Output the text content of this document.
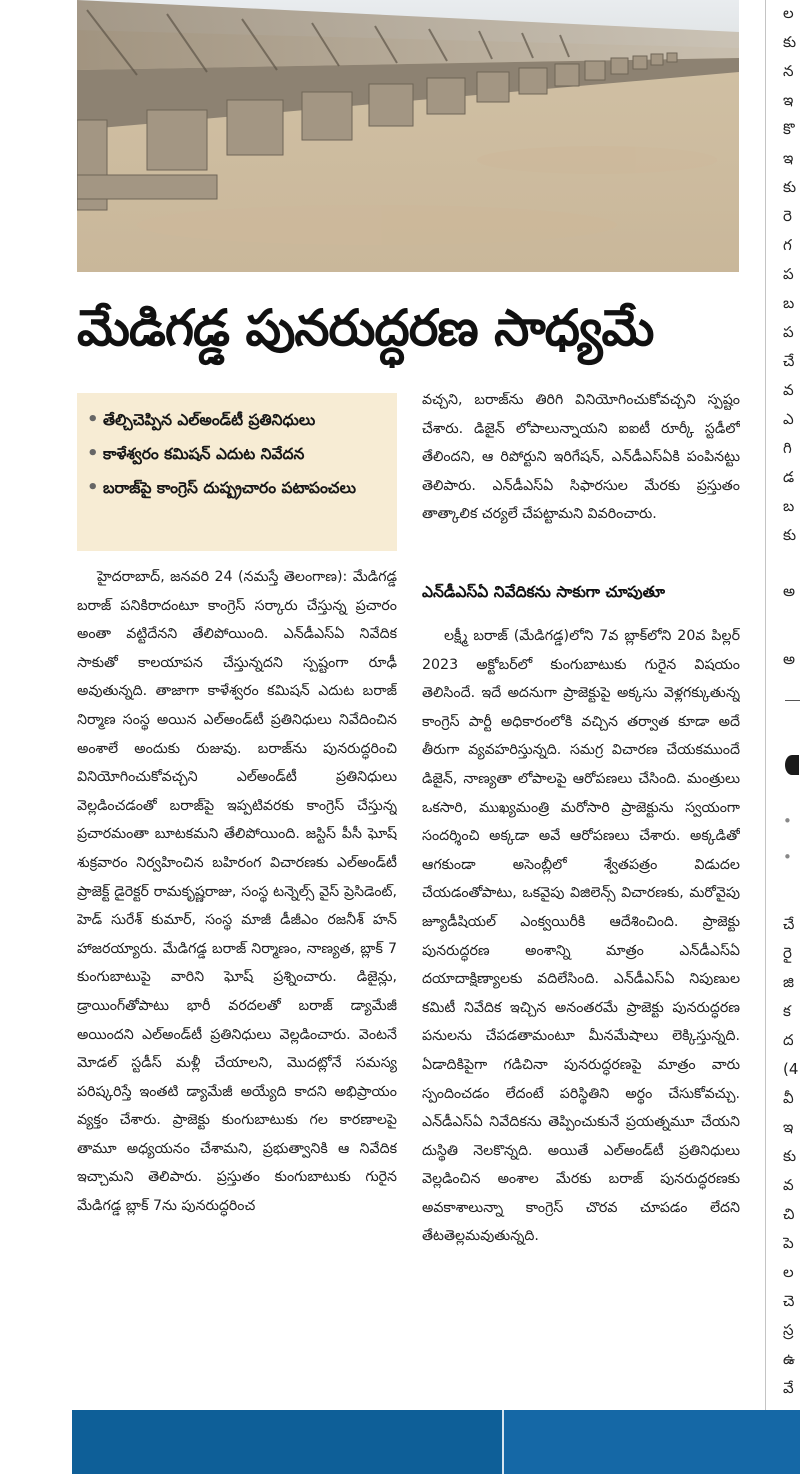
మేడిగడ్డ పునరుద్ధరణ సాధ్యమే
• తేల్చిచెప్పిన ఎల్‌అండ్‌టీ ప్రతినిధులు
• కాళేశ్వరం కమిషన్‌ ఎదుట నివేదన
• బరాజ్‌పై కాంగ్రెస్‌ దుష్ప్రచారం పటాపంచలు
హైదరాబాద్‌, జనవరి 24 (నమస్తే తెలంగాణ): మేడిగడ్డ బరాజ్‌ పనికిరాదంటూ కాంగ్రెస్‌ సర్కారు చేస్తున్న ప్రచారం అంతా వట్టిదేనని తేలిపోయింది. ఎన్‌డీఎస్‌ఏ నివేదిక సాకుతో కాలయాపన చేస్తున్నదని స్పష్టంగా రూఢీ అవుతున్నది. తాజాగా కాళేశ్వరం కమిషన్‌ ఎదుట బరాజ్‌ నిర్మాణ సంస్థ అయిన ఎల్‌అండ్‌టీ ప్రతినిధులు నివేదించిన అంశాలే అందుకు రుజువు. బరాజ్‌ను పునరుద్ధరించి వినియోగించుకోవచ్చని ఎల్‌అండ్‌టీ ప్రతినిధులు వెల్లడించడంతో బరాజ్‌పై ఇప్పటివరకు కాంగ్రెస్‌ చేస్తున్న ప్రచారమంతా బూటకమని తేలిపోయింది. జస్టిస్‌ పీసీ ఘోష్‌ శుక్రవారం నిర్వహించిన బహిరంగ విచారణకు ఎల్‌అండ్‌టీ ప్రాజెక్ట్‌ డైరెక్టర్‌ రామకృష్ణరాజు, సంస్థ టన్నెల్స్‌ వైస్‌ ప్రెసిడెంట్‌, హెడ్‌ సురేశ్‌ కుమార్‌, సంస్థ మాజీ డీజీఎం రజనీశ్‌ హన్‌ హాజరయ్యారు. మేడిగడ్డ బరాజ్‌ నిర్మాణం, నాణ్యత, బ్లాక్‌ 7 కుంగుబాటుపై వారిని ఘోష్‌ ప్రశ్నించారు. డిజైన్లు, డ్రాయింగ్‌తోపాటు భారీ వరదలతో బరాజ్‌ డ్యామేజీ అయిందని ఎల్‌అండ్‌టీ ప్రతినిధులు వెల్లడించారు. వెంటనే మోడల్‌ స్టడీస్‌ మళ్లీ చేయాలని, మొదట్లోనే సమస్య పరిష్కరిస్తే ఇంతటి డ్యామేజీ అయ్యేది కాదని అభిప్రాయం వ్యక్తం చేశారు. ప్రాజెక్టు కుంగుబాటుకు గల కారణాలపై తామూ అధ్యయనం చేశామని, ప్రభుత్వానికి ఆ నివేదిక ఇచ్చామని తెలిపారు. ప్రస్తుతం కుంగుబాటుకు గురైన మేడిగడ్డ బ్లాక్‌ 7ను పునరుద్ధరించ
వచ్చని, బరాజ్‌ను తిరిగి వినియోగించుకోవచ్చని స్పష్టం చేశారు. డిజైన్‌ లోపాలున్నాయని ఐఐటీ రూర్కీ స్టడీలో తేలిందని, ఆ రిపోర్టుని ఇరిగేషన్‌, ఎన్‌డీఎస్‌ఏకి పంపినట్టు తెలిపారు. ఎన్‌డీఎస్‌ఏ సిఫారసుల మేరకు ప్రస్తుతం తాత్కాలిక చర్యలే చేపట్టామని వివరించారు.
ఎన్‌డీఎస్‌ఏ నివేదికను సాకుగా చూపుతూ
లక్ష్మీ బరాజ్‌ (మేడిగడ్డ)లోని 7వ బ్లాక్‌లోని 20వ పిల్లర్‌ 2023 అక్టోబర్‌లో కుంగుబాటుకు గురైన విషయం తెలిసిందే. ఇదే అదనుగా ప్రాజెక్టుపై అక్కసు వెళ్లగక్కుతున్న కాంగ్రెస్‌ పార్టీ అధికారంలోకి వచ్చిన తర్వాత కూడా అదే తీరుగా వ్యవహరిస్తున్నది. సమగ్ర విచారణ చేయకముందే డిజైన్‌, నాణ్యతా లోపాలపై ఆరోపణలు చేసింది. మంత్రులు ఒకసారి, ముఖ్యమంత్రి మరోసారి ప్రాజెక్టును స్వయంగా సందర్శించి అక్కడా అవే ఆరోపణలు చేశారు. అక్కడితో ఆగకుండా అసెంబ్లీలో శ్వేతపత్రం విడుదల చేయడంతోపాటు, ఒకవైపు విజిలెన్స్‌ విచారణకు, మరోవైపు జ్యూడీషియల్‌ ఎంక్వయిరీకి ఆదేశించింది. ప్రాజెక్టు పునరుద్ధరణ అంశాన్ని మాత్రం ఎన్‌డీఎస్‌ఏ దయాదాక్షిణ్యాలకు వదిలేసింది. ఎన్‌డీఎస్‌ఏ నిపుణుల కమిటీ నివేదిక ఇచ్చిన అనంతరమే ప్రాజెక్టు పునరుద్ధరణ పనులను చేపడతామంటూ మీనమేషాలు లెక్కిస్తున్నది. ఏడాదికిపైగా గడిచినా పునరుద్ధరణపై మాత్రం వారు స్పందించడం లేదంటే పరిస్థితిని అర్థం చేసుకోవచ్చు. ఎన్‌డీఎస్‌ఏ నివేదికను తెప్పించుకునే ప్రయత్నమూ చేయని దుస్థితి నెలకొన్నది. అయితే ఎల్‌అండ్‌టీ ప్రతినిధులు వెల్లడించిన అంశాల మేరకు బరాజ్‌ పునరుద్ధరణకు అవకాశాలున్నా కాంగ్రెస్‌ చొరవ చూపడం లేదని తేటతెల్లమవుతున్నది.
ల
కు
న
ఇ
కొ
ఇ
కు
రె
గ
ప
బ
ప
చే
వ
ఎ
గి
డ
బ
కు
అ
అ
•
•
చే
రై
జి
క
ద
(4
వీ
ఇ
కు
వ
చి
పె
ల
చె
స్ర
ఉ
వే
